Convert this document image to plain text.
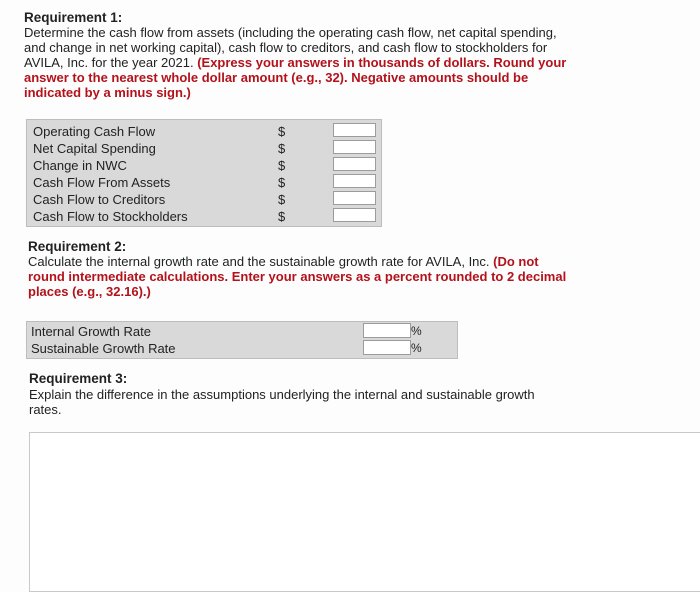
Requirement 1:
Determine the cash flow from assets (including the operating cash flow, net capital spending,
and change in net working capital), cash flow to creditors, and cash flow to stockholders for
AVILA, Inc. for the year 2021. (Express your answers in thousands of dollars. Round your
answer to the nearest whole dollar amount (e.g., 32). Negative amounts should be
indicated by a minus sign.)
Operating Cash Flow	$
Net Capital Spending	$
Change in NWC	$
Cash Flow From Assets	$
Cash Flow to Creditors	$
Cash Flow to Stockholders	$
Requirement 2:
Calculate the internal growth rate and the sustainable growth rate for AVILA, Inc. (Do not
round intermediate calculations. Enter your answers as a percent rounded to 2 decimal
places (e.g., 32.16).)
Internal Growth Rate	%
Sustainable Growth Rate	%
Requirement 3:
Explain the difference in the assumptions underlying the internal and sustainable growth
rates.
